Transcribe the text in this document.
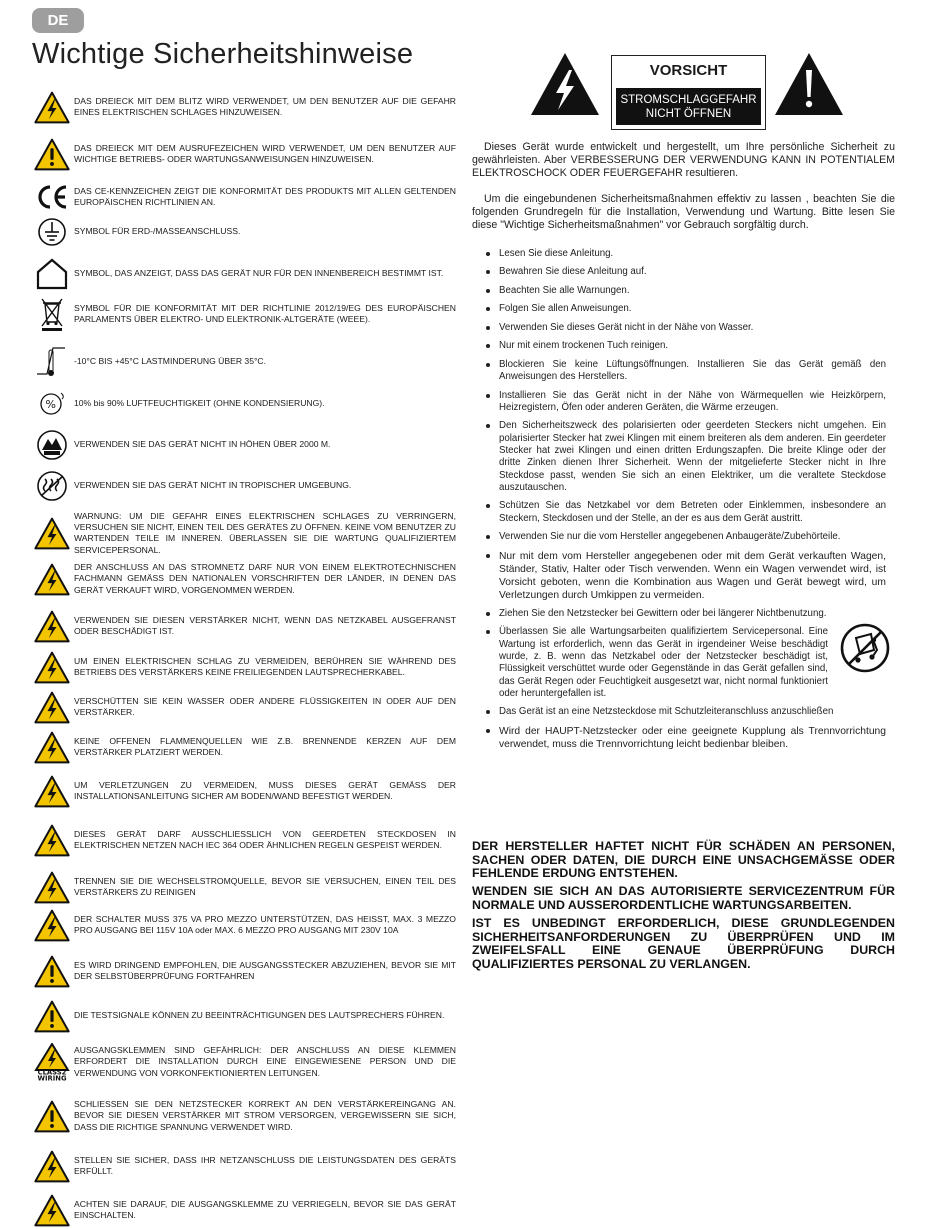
DE
Wichtige Sicherheitshinweise
DAS DREIECK MIT DEM BLITZ WIRD VERWENDET, UM DEN BENUTZER AUF DIE GEFAHR EINES ELEKTRISCHEN SCHLAGES HINZUWEISEN.
DAS DREIECK MIT DEM AUSRUFEZEICHEN WIRD VERWENDET, UM DEN BENUTZER AUF WICHTIGE BETRIEBS- ODER WARTUNGSANWEISUNGEN HINZUWEISEN.
DAS CE-KENNZEICHEN ZEIGT DIE KONFORMITÄT DES PRODUKTS MIT ALLEN GELTENDEN EUROPÄISCHEN RICHTLINIEN AN.
SYMBOL FÜR ERD-/MASSEANSCHLUSS.
SYMBOL, DAS ANZEIGT, DASS DAS GERÄT NUR FÜR DEN INNENBEREICH BESTIMMT IST.
SYMBOL FÜR DIE KONFORMITÄT MIT DER RICHTLINIE 2012/19/EG DES EUROPÄISCHEN PARLAMENTS ÜBER ELEKTRO- UND ELEKTRONIK-ALTGERÄTE (WEEE).
-10°C BIS +45°C LASTMINDERUNG ÜBER 35°C.
% 10% bis 90% LUFTFEUCHTIGKEIT (OHNE KONDENSIERUNG).
VERWENDEN SIE DAS GERÄT NICHT IN HÖHEN ÜBER 2000 M.
VERWENDEN SIE DAS GERÄT NICHT IN TROPISCHER UMGEBUNG.
WARNUNG: UM DIE GEFAHR EINES ELEKTRISCHEN SCHLAGES ZU VERRINGERN, VERSUCHEN SIE NICHT, EINEN TEIL DES GERÄTES ZU ÖFFNEN. KEINE VOM BENUTZER ZU WARTENDEN TEILE IM INNEREN. ÜBERLASSEN SIE DIE WARTUNG QUALIFIZIERTEM SERVICEPERSONAL.
DER ANSCHLUSS AN DAS STROMNETZ DARF NUR VON EINEM ELEKTROTECHNISCHEN FACHMANN GEMÄSS DEN NATIONALEN VORSCHRIFTEN DER LÄNDER, IN DENEN DAS GERÄT VERKAUFT WIRD, VORGENOMMEN WERDEN.
VERWENDEN SIE DIESEN VERSTÄRKER NICHT, WENN DAS NETZKABEL AUSGEFRANST ODER BESCHÄDIGT IST.
UM EINEN ELEKTRISCHEN SCHLAG ZU VERMEIDEN, BERÜHREN SIE WÄHREND DES BETRIEBS DES VERSTÄRKERS KEINE FREILIEGENDEN LAUTSPRECHERKABEL.
VERSCHÜTTEN SIE KEIN WASSER ODER ANDERE FLÜSSIGKEITEN IN ODER AUF DEN VERSTÄRKER.
KEINE OFFENEN FLAMMENQUELLEN WIE Z.B. BRENNENDE KERZEN AUF DEM VERSTÄRKER PLATZIERT WERDEN.
UM VERLETZUNGEN ZU VERMEIDEN, MUSS DIESES GERÄT GEMÄSS DER INSTALLATIONSANLEITUNG SICHER AM BODEN/WAND BEFESTIGT WERDEN.
DIESES GERÄT DARF AUSSCHLIESSLICH VON GEERDETEN STECKDOSEN IN ELEKTRISCHEN NETZEN NACH IEC 364 ODER ÄHNLICHEN REGELN GESPEIST WERDEN.
TRENNEN SIE DIE WECHSELSTROMQUELLE, BEVOR SIE VERSUCHEN, EINEN TEIL DES VERSTÄRKERS ZU REINIGEN
DER SCHALTER MUSS 375 VA PRO MEZZO UNTERSTÜTZEN, DAS HEISST, MAX. 3 MEZZO PRO AUSGANG BEI 115V 10A oder MAX. 6 MEZZO PRO AUSGANG MIT 230V 10A
ES WIRD DRINGEND EMPFOHLEN, DIE AUSGANGSSTECKER ABZUZIEHEN, BEVOR SIE MIT DER SELBSTÜBERPRÜFUNG FORTFAHREN
DIE TESTSIGNALE KÖNNEN ZU BEEINTRÄCHTIGUNGEN DES LAUTSPRECHERS FÜHREN.
CLASS2
WIRING
AUSGANGSKLEMMEN SIND GEFÄHRLICH: DER ANSCHLUSS AN DIESE KLEMMEN ERFORDERT DIE INSTALLATION DURCH EINE EINGEWIESENE PERSON UND DIE VERWENDUNG VON VORKONFEKTIONIERTEN LEITUNGEN.
SCHLIESSEN SIE DEN NETZSTECKER KORREKT AN DEN VERSTÄRKEREINGANG AN. BEVOR SIE DIESEN VERSTÄRKER MIT STROM VERSORGEN, VERGEWISSERN SIE SICH, DASS DIE RICHTIGE SPANNUNG VERWENDET WIRD.
STELLEN SIE SICHER, DASS IHR NETZANSCHLUSS DIE LEISTUNGSDATEN DES GERÄTS ERFÜLLT.
ACHTEN SIE DARAUF, DIE AUSGANGSKLEMME ZU VERRIEGELN, BEVOR SIE DAS GERÄT EINSCHALTEN.
VORSICHT
STROMSCHLAGGEFAHR
NICHT ÖFFNEN

Dieses Gerät wurde entwickelt und hergestellt, um Ihre persönliche Sicherheit zu gewährleisten. Aber VERBESSERUNG DER VERWENDUNG KANN IN POTENTIALEM ELEKTROSCHOCK ODER FEUERGEFAHR resultieren.

Um die eingebundenen Sicherheitsmaßnahmen effektiv zu lassen , beachten Sie die folgenden Grundregeln für die Installation, Verwendung und Wartung. Bitte lesen Sie diese "Wichtige Sicherheitsmaßnahmen" vor Gebrauch sorgfältig durch.

Lesen Sie diese Anleitung.
Bewahren Sie diese Anleitung auf.
Beachten Sie alle Warnungen.
Folgen Sie allen Anweisungen.
Verwenden Sie dieses Gerät nicht in der Nähe von Wasser.
Nur mit einem trockenen Tuch reinigen.
Blockieren Sie keine Lüftungsöffnungen. Installieren Sie das Gerät gemäß den Anweisungen des Herstellers.
Installieren Sie das Gerät nicht in der Nähe von Wärmequellen wie Heizkörpern, Heizregistern, Öfen oder anderen Geräten, die Wärme erzeugen.
Den Sicherheitszweck des polarisierten oder geerdeten Steckers nicht umgehen. Ein polarisierter Stecker hat zwei Klingen mit einem breiteren als dem anderen. Ein geerdeter Stecker hat zwei Klingen und einen dritten Erdungszapfen. Die breite Klinge oder der dritte Zinken dienen Ihrer Sicherheit. Wenn der mitgelieferte Stecker nicht in Ihre Steckdose passt, wenden Sie sich an einen Elektriker, um die veraltete Steckdose auszutauschen.
Schützen Sie das Netzkabel vor dem Betreten oder Einklemmen, insbesondere an Steckern, Steckdosen und der Stelle, an der es aus dem Gerät austritt.
Verwenden Sie nur die vom Hersteller angegebenen Anbaugeräte/Zubehörteile.
Nur mit dem vom Hersteller angegebenen oder mit dem Gerät verkauften Wagen, Ständer, Stativ, Halter oder Tisch verwenden. Wenn ein Wagen verwendet wird, ist Vorsicht geboten, wenn die Kombination aus Wagen und Gerät bewegt wird, um Verletzungen durch Umkippen zu vermeiden.
Ziehen Sie den Netzstecker bei Gewittern oder bei längerer Nichtbenutzung.
Überlassen Sie alle Wartungsarbeiten qualifiziertem Servicepersonal. Eine Wartung ist erforderlich, wenn das Gerät in irgendeiner Weise beschädigt wurde, z. B. wenn das Netzkabel oder der Netzstecker beschädigt ist, Flüssigkeit verschüttet wurde oder Gegenstände in das Gerät gefallen sind, das Gerät Regen oder Feuchtigkeit ausgesetzt war, nicht normal funktioniert oder heruntergefallen ist.
Das Gerät ist an eine Netzsteckdose mit Schutzleiteranschluss anzuschließen
Wird der HAUPT-Netzstecker oder eine geeignete Kupplung als Trennvorrichtung verwendet, muss die Trennvorrichtung leicht bedienbar bleiben.

DER HERSTELLER HAFTET NICHT FÜR SCHÄDEN AN PERSONEN, SACHEN ODER DATEN, DIE DURCH EINE UNSACHGEMÄSSE ODER FEHLENDE ERDUNG ENTSTEHEN.

WENDEN SIE SICH AN DAS AUTORISIERTE SERVICEZENTRUM FÜR NORMALE UND AUSSERORDENTLICHE WARTUNGSARBEITEN.

IST ES UNBEDINGT ERFORDERLICH, DIESE GRUNDLEGENDEN SICHERHEITSANFORDERUNGEN ZU ÜBERPRÜFEN UND IM ZWEIFELSFALL EINE GENAUE ÜBERPRÜFUNG DURCH QUALIFIZIERTES PERSONAL ZU VERLANGEN.
